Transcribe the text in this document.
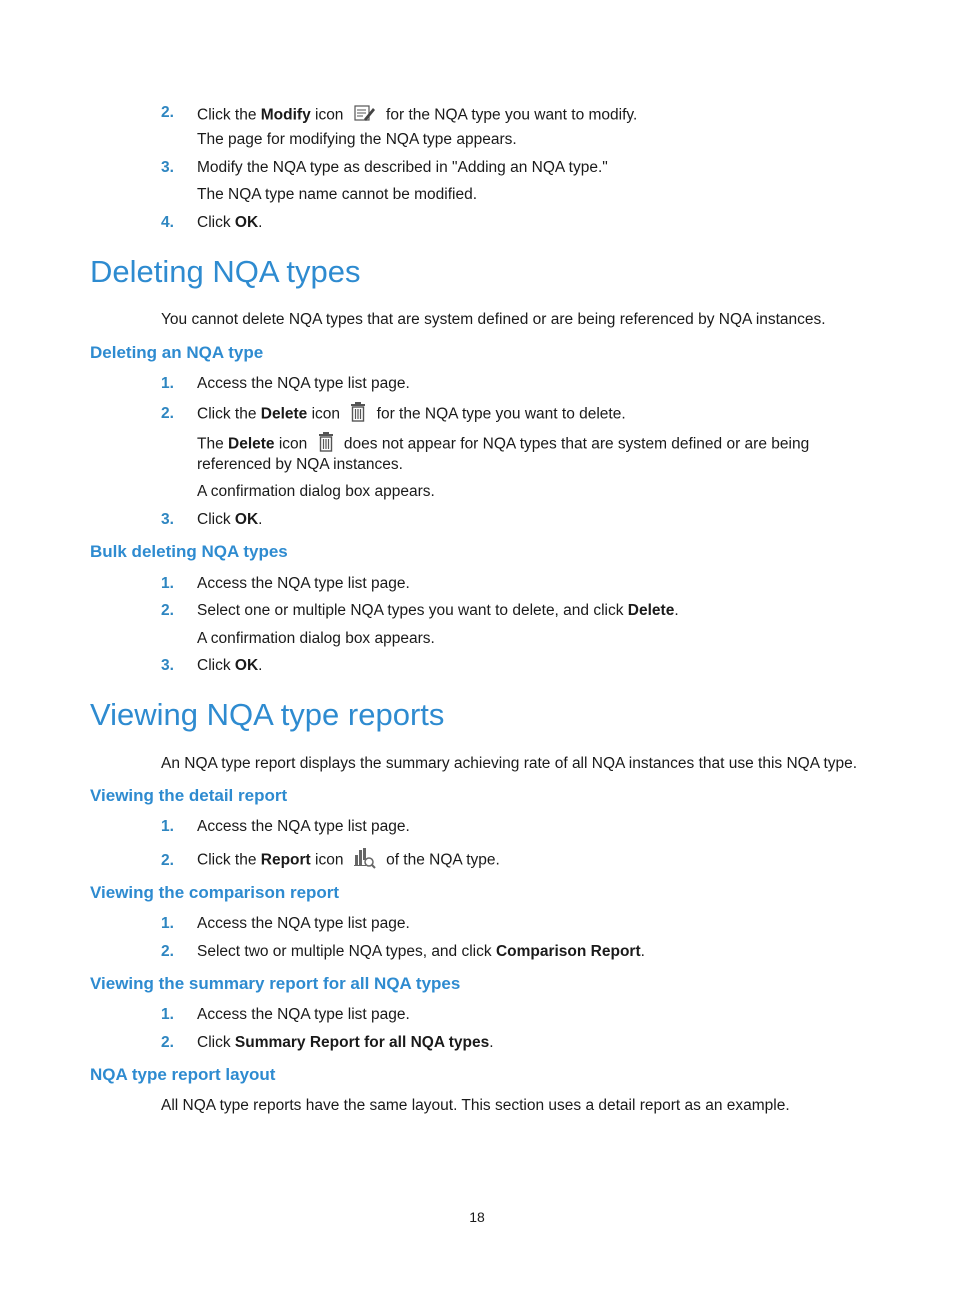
2. Click the Modify icon  for the NQA type you want to modify.
The page for modifying the NQA type appears.
3. Modify the NQA type as described in "Adding an NQA type."
The NQA type name cannot be modified.
4. Click OK.
Deleting NQA types
You cannot delete NQA types that are system defined or are being referenced by NQA instances.
Deleting an NQA type
1. Access the NQA type list page.
2. Click the Delete icon  for the NQA type you want to delete.
The Delete icon  does not appear for NQA types that are system defined or are being
referenced by NQA instances.
A confirmation dialog box appears.
3. Click OK.
Bulk deleting NQA types
1. Access the NQA type list page.
2. Select one or multiple NQA types you want to delete, and click Delete.
A confirmation dialog box appears.
3. Click OK.
Viewing NQA type reports
An NQA type report displays the summary achieving rate of all NQA instances that use this NQA type.
Viewing the detail report
1. Access the NQA type list page.
2. Click the Report icon  of the NQA type.
Viewing the comparison report
1. Access the NQA type list page.
2. Select two or multiple NQA types, and click Comparison Report.
Viewing the summary report for all NQA types
1. Access the NQA type list page.
2. Click Summary Report for all NQA types.
NQA type report layout
All NQA type reports have the same layout. This section uses a detail report as an example.
18
